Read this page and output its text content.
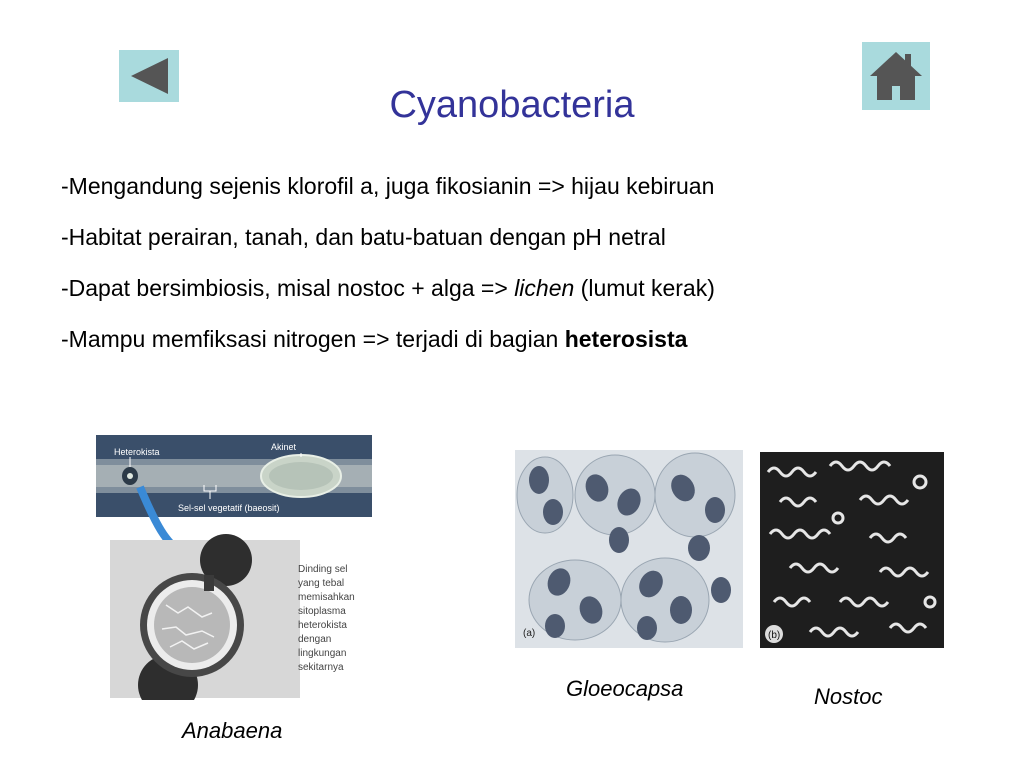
Cyanobacteria
-Mengandung sejenis klorofil a, juga fikosianin => hijau kebiruan
-Habitat perairan, tanah, dan batu-batuan dengan pH netral
-Dapat bersimbiosis, misal nostoc + alga => lichen (lumut kerak)
-Mampu memfiksasi nitrogen => terjadi di bagian heterosista
Heterokista	Akinet
Sel-sel vegetatif (baeosit)
Dinding sel yang tebal memisahkan sitoplasma heterokista dengan lingkungan sekitarnya
Anabaena
(a)
Gloeocapsa
(b)
Nostoc
